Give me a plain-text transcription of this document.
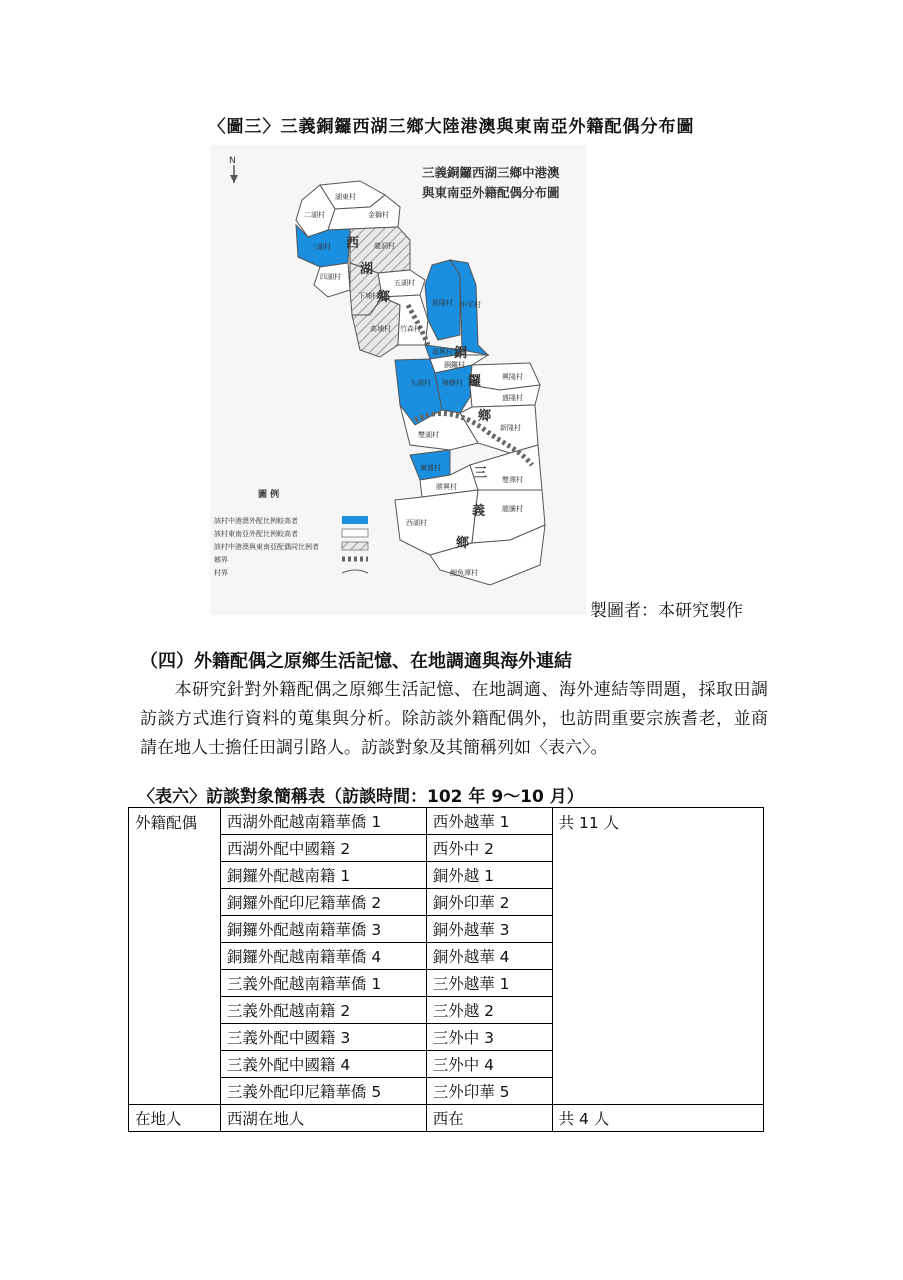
〈圖三〉三義銅鑼西湖三鄉大陸港澳與東南亞外籍配偶分布圖
N
三義銅鑼西湖三鄉中港澳
與東南亞外籍配偶分布圖
西
湖
鄉
銅
鑼
鄉
三
義
鄉
湖東村
二湖村	金獅村
三湖村	龍洞村
四湖村
五湖村
下埔村
高埔村 竹森村
新隆村 中平村
福興村
銅鑼村
九湖村 樟樹村
興隆村
盛隆村
新隆村
雙湖村
廣盛村
勝興村
雙潭村
西湖村
鯉魚潭村
龍騰村
圖 例
該村中港澳外配比例較高者
該村東南亞外配比例較高者
該村中港澳與東南亞配偶同比例者
鄉界
村界
製圖者：本研究製作
（四）外籍配偶之原鄉生活記憶、在地調適與海外連結
本研究針對外籍配偶之原鄉生活記憶、在地調適、海外連結等問題，採取田調訪談方式進行資料的蒐集與分析。除訪談外籍配偶外，也訪問重要宗族耆老，並商請在地人士擔任田調引路人。訪談對象及其簡稱列如〈表六〉。
〈表六〉訪談對象簡稱表（訪談時間：102 年 9～10 月）
外籍配偶	西湖外配越南籍華僑 1	西外越華 1	共 11 人
	西湖外配中國籍 2	西外中 2	
	銅鑼外配越南籍 1	銅外越 1	
	銅鑼外配印尼籍華僑 2	銅外印華 2	
	銅鑼外配越南籍華僑 3	銅外越華 3	
	銅鑼外配越南籍華僑 4	銅外越華 4	
	三義外配越南籍華僑 1	三外越華 1	
	三義外配越南籍 2	三外越 2	
	三義外配中國籍 3	三外中 3	
	三義外配中國籍 4	三外中 4	
	三義外配印尼籍華僑 5	三外印華 5	
在地人	西湖在地人	西在	共 4 人
